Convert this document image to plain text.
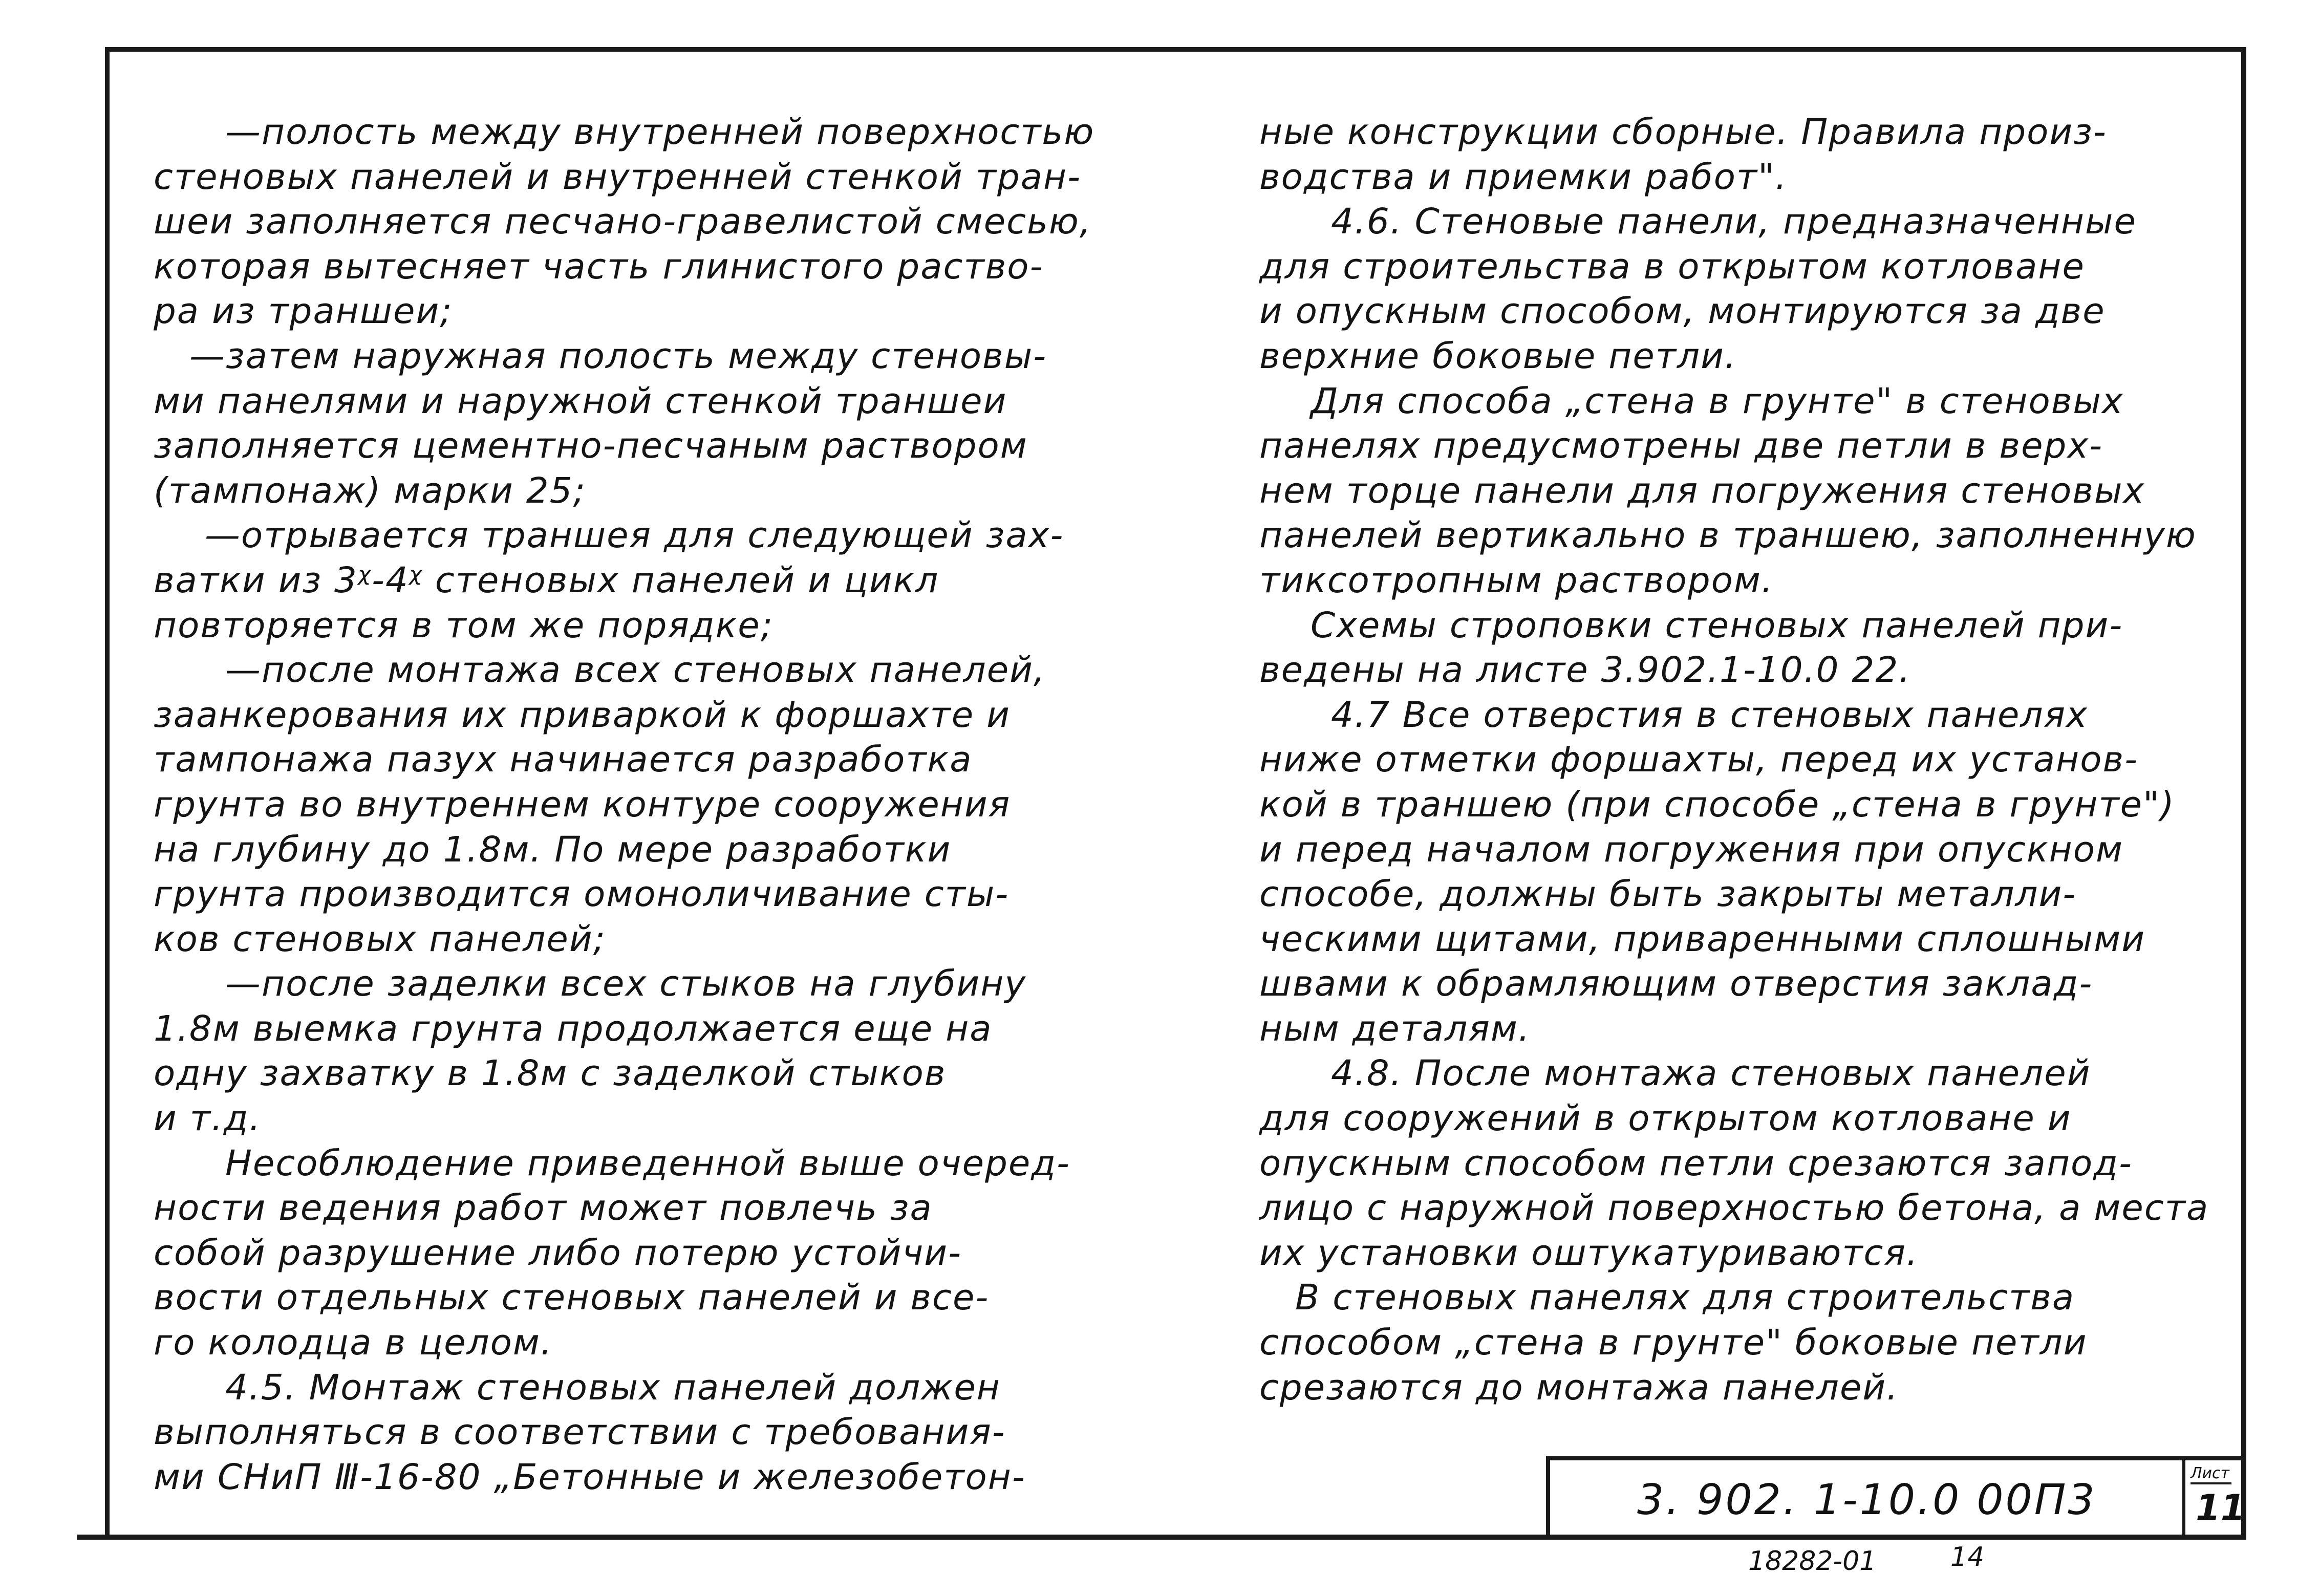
—полость между внутренней поверхностью
стеновых панелей и внутренней стенкой тран-
шеи заполняется песчано-гравелистой смесью,
которая вытесняет часть глинистого раство-
ра из траншеи;
—затем наружная полость между стеновы-
ми панелями и наружной стенкой траншеи
заполняется цементно-песчаным раствором
(тампонаж) марки 25;
—отрывается траншея для следующей зах-
ватки из 3ᵡ-4ᵡ стеновых панелей и цикл
повторяется в том же порядке;
—после монтажа всех стеновых панелей,
заанкерования их приваркой к форшахте и
тампонажа пазух начинается разработка
грунта во внутреннем контуре сооружения
на глубину до 1.8м. По мере разработки
грунта производится омоноличивание сты-
ков стеновых панелей;
—после заделки всех стыков на глубину
1.8м выемка грунта продолжается еще на
одну захватку в 1.8м с заделкой стыков
и т.д.
Несоблюдение приведенной выше очеред-
ности ведения работ может повлечь за
собой разрушение либо потерю устойчи-
вости отдельных стеновых панелей и все-
го колодца в целом.
4.5. Монтаж стеновых панелей должен
выполняться в соответствии с требования-
ми СНиП Ⅲ-16-80 „Бетонные и железобетон-
ные конструкции сборные. Правила произ-
водства и приемки работ".
4.6. Стеновые панели, предназначенные
для строительства в открытом котловане
и опускным способом, монтируются за две
верхние боковые петли.
Для способа „стена в грунте" в стеновых
панелях предусмотрены две петли в верх-
нем торце панели для погружения стеновых
панелей вертикально в траншею, заполненную
тиксотропным раствором.
Схемы строповки стеновых панелей при-
ведены на листе 3.902.1-10.0 22.
4.7 Все отверстия в стеновых панелях
ниже отметки форшахты, перед их установ-
кой в траншею (при способе „стена в грунте")
и перед началом погружения при опускном
способе, должны быть закрыты металли-
ческими щитами, приваренными сплошными
швами к обрамляющим отверстия заклад-
ным деталям.
4.8. После монтажа стеновых панелей
для сооружений в открытом котловане и
опускным способом петли срезаются запод-
лицо с наружной поверхностью бетона, а места
их установки оштукатуриваются.
В стеновых панелях для строительства
способом „стена в грунте" боковые петли
срезаются до монтажа панелей.
3. 902. 1-10.0 00П3
Лист
11
18282-01	14
